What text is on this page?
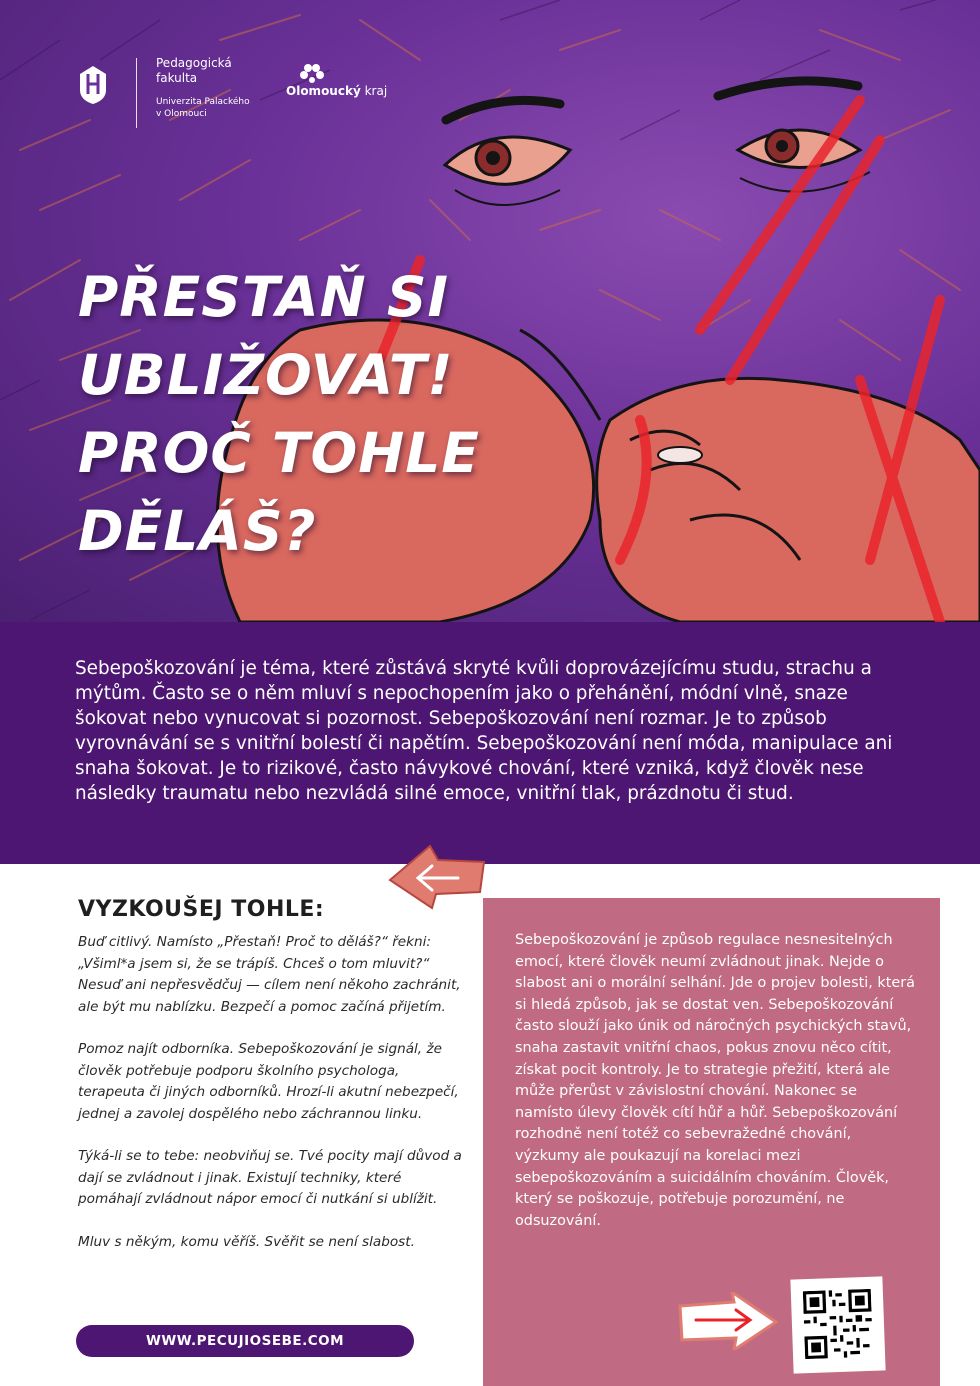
Pedagogická
fakulta
Univerzita Palackého
v Olomouci
Olomoucký kraj
PŘESTAŇ SI
UBLIŽOVAT!
PROČ TOHLE
DĚLÁŠ?

Sebepoškozování je téma, které zůstává skryté kvůli doprovázejícímu studu, strachu a mýtům. Často se o něm mluví s nepochopením jako o přehánění, módní vlně, snaze šokovat nebo vynucovat si pozornost. Sebepoškozování není rozmar. Je to způsob vyrovnávání se s vnitřní bolestí či napětím. Sebepoškozování není móda, manipulace ani snaha šokovat. Je to rizikové, často návykové chování, které vzniká, když člověk nese následky traumatu nebo nezvládá silné emoce, vnitřní tlak, prázdnotu či stud.

VYZKOUŠEJ TOHLE:

Buď citlivý. Namísto „Přestaň! Proč to děláš?“ řekni: „Všiml*a jsem si, že se trápíš. Chceš o tom mluvit?“ Nesuď ani nepřesvědčuj — cílem není někoho zachránit, ale být mu nablízku. Bezpečí a pomoc začíná přijetím.

Pomoz najít odborníka. Sebepoškozování je signál, že člověk potřebuje podporu školního psychologa, terapeuta či jiných odborníků. Hrozí-li akutní nebezpečí, jednej a zavolej dospělého nebo záchrannou linku.

Týká-li se to tebe: neobviňuj se. Tvé pocity mají důvod a dají se zvládnout i jinak. Existují techniky, které pomáhají zvládnout nápor emocí či nutkání si ublížit.

Mluv s někým, komu věříš. Svěřit se není slabost.

WWW.PECUJIOSEBE.COM

Sebepoškozování je způsob regulace nesnesitelných emocí, které člověk neumí zvládnout jinak. Nejde o slabost ani o morální selhání. Jde o projev bolesti, která si hledá způsob, jak se dostat ven. Sebepoškozování často slouží jako únik od náročných psychických stavů, snaha zastavit vnitřní chaos, pokus znovu něco cítit, získat pocit kontroly. Je to strategie přežití, která ale může přerůst v závislostní chování. Nakonec se namísto úlevy člověk cítí hůř a hůř. Sebepoškozování rozhodně není totéž co sebevražedné chování, výzkumy ale poukazují na korelaci mezi sebepoškozováním a suicidálním chováním. Člověk, který se poškozuje, potřebuje porozumění, ne odsuzování.
